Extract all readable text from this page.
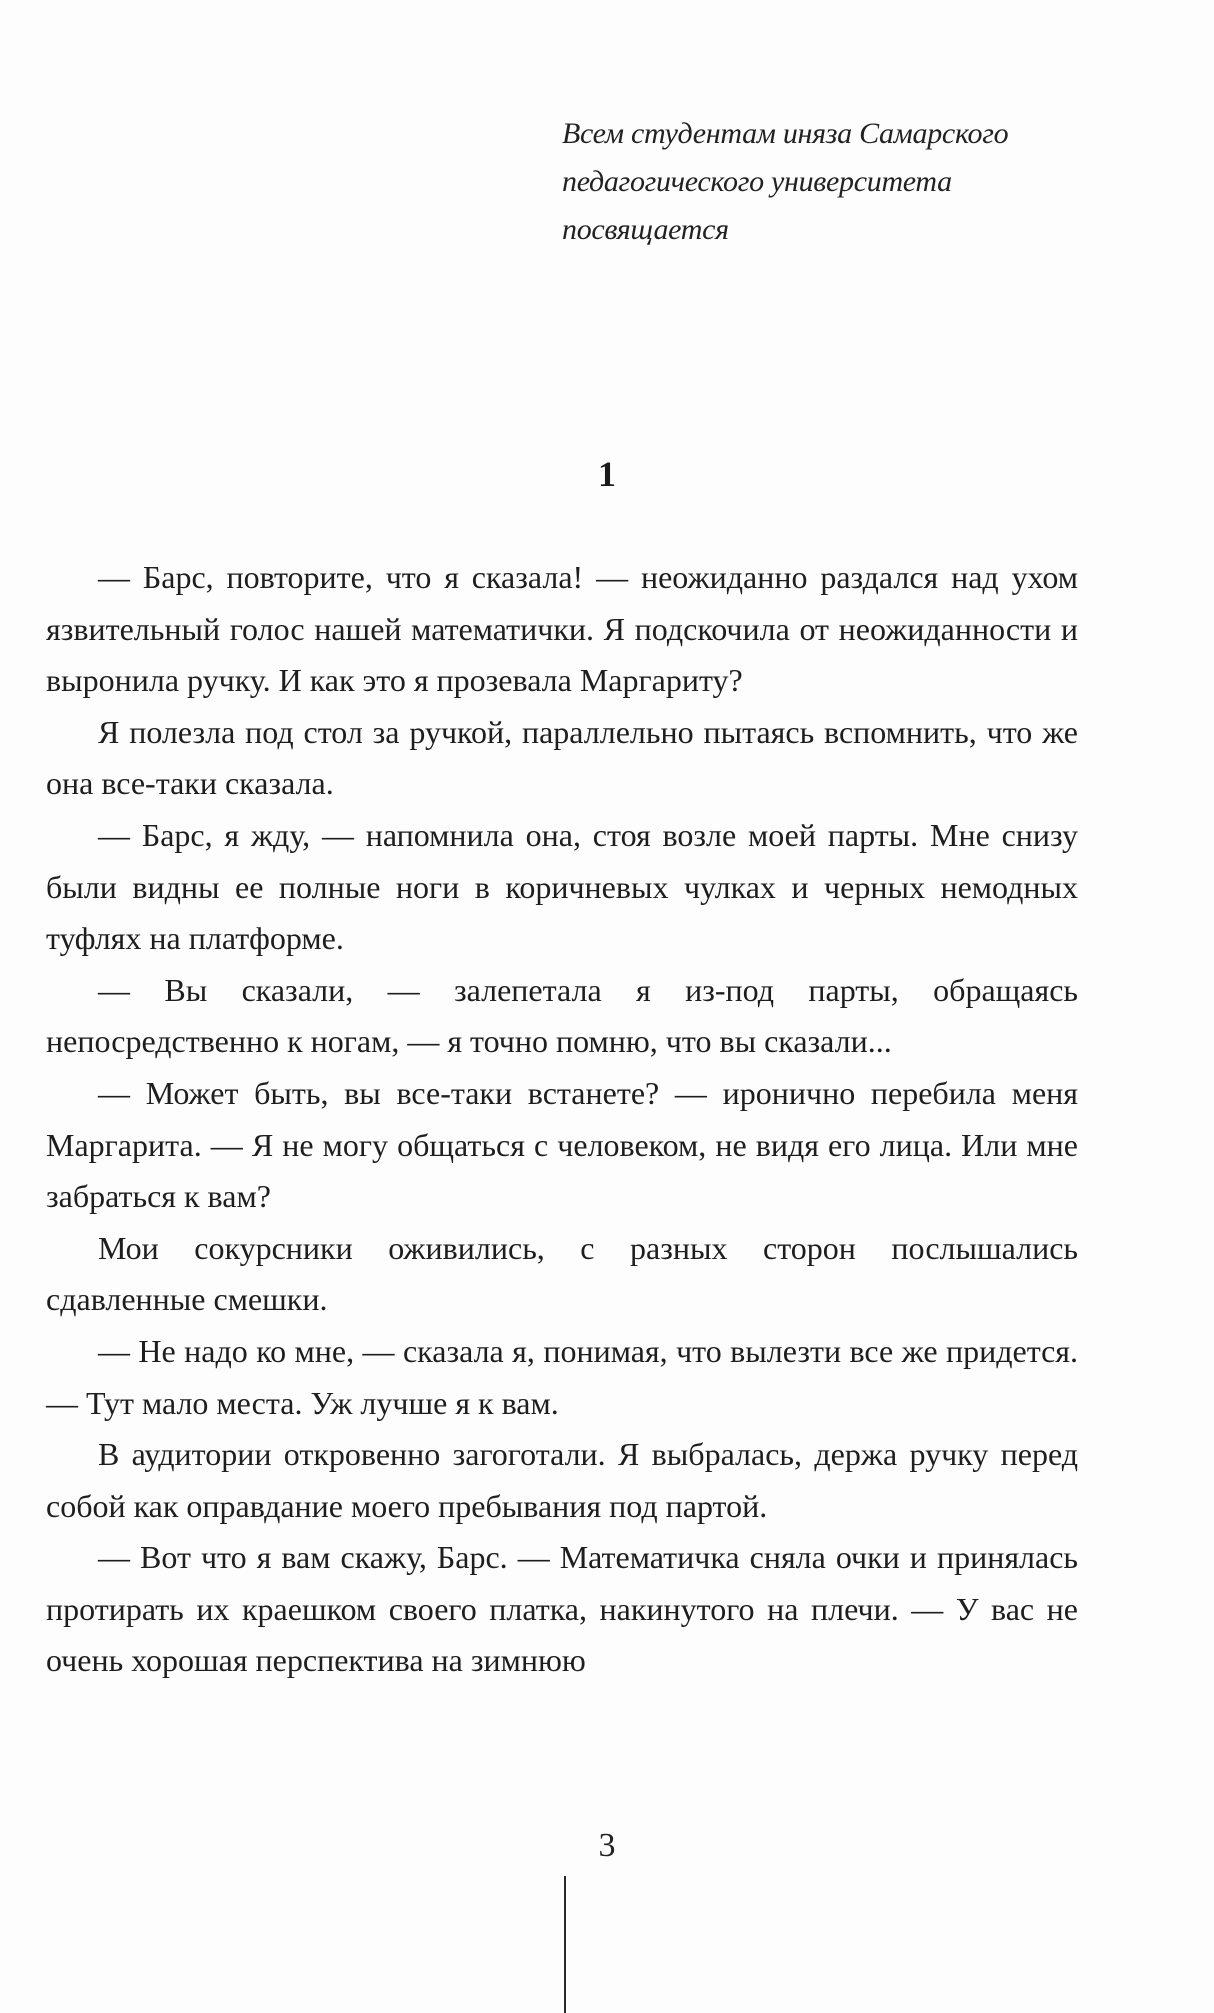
Всем студентам иняза Самарского педагогического университета посвящается
1

— Барс, повторите, что я сказала! — неожиданно раздался над ухом язвительный голос нашей математички. Я подскочила от неожиданности и выронила ручку. И как это я прозевала Маргариту?

Я полезла под стол за ручкой, параллельно пытаясь вспомнить, что же она все-таки сказала.

— Барс, я жду, — напомнила она, стоя возле моей парты. Мне снизу были видны ее полные ноги в коричневых чулках и черных немодных туфлях на платформе.

— Вы сказали, — залепетала я из-под парты, обращаясь непосредственно к ногам, — я точно помню, что вы сказали...

— Может быть, вы все-таки встанете? — иронично перебила меня Маргарита. — Я не могу общаться с человеком, не видя его лица. Или мне забраться к вам?

Мои сокурсники оживились, с разных сторон послышались сдавленные смешки.

— Не надо ко мне, — сказала я, понимая, что вылезти все же придется. — Тут мало места. Уж лучше я к вам.

В аудитории откровенно загоготали. Я выбралась, держа ручку перед собой как оправдание моего пребывания под партой.

— Вот что я вам скажу, Барс. — Математичка сняла очки и принялась протирать их краешком своего платка, накинутого на плечи. — У вас не очень хорошая перспектива на зимнюю

3
